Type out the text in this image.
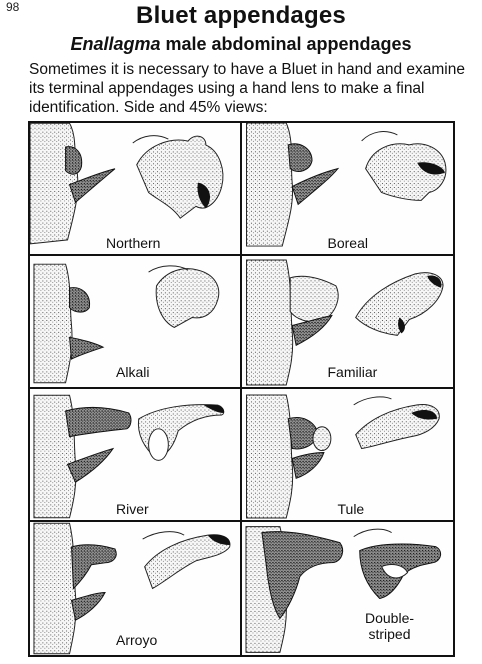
98	Bluet appendages
Enallagma male abdominal appendages
Sometimes it is necessary to have a Bluet in hand and examine its terminal appendages using a hand lens to make a final identification. Side and 45% views:
Northern	Boreal
Alkali	Familiar
River	Tule
Arroyo
Double-
striped
